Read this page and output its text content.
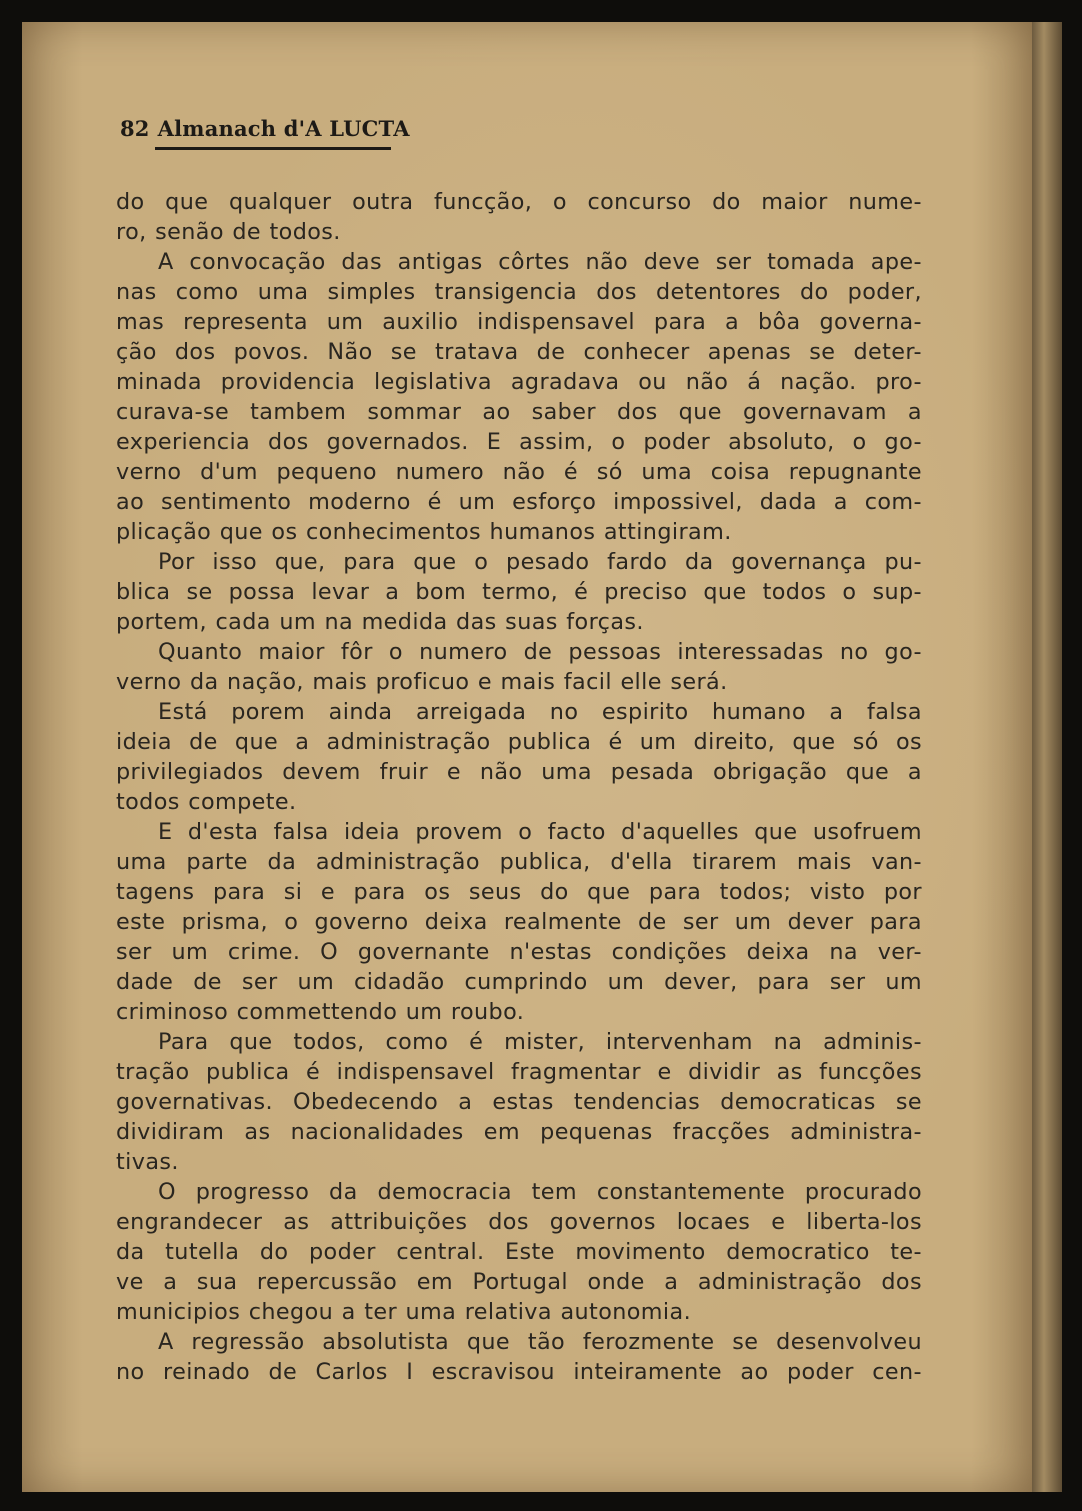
82 Almanach d'A LUCTA
do que qualquer outra funcção, o concurso do maior nume-
ro, senão de todos.
A convocação das antigas côrtes não deve ser tomada ape-
nas como uma simples transigencia dos detentores do poder,
mas representa um auxilio indispensavel para a bôa governa-
ção dos povos. Não se tratava de conhecer apenas se deter-
minada providencia legislativa agradava ou não á nação. pro-
curava-se tambem sommar ao saber dos que governavam a
experiencia dos governados. E assim, o poder absoluto, o go-
verno d'um pequeno numero não é só uma coisa repugnante
ao sentimento moderno é um esforço impossivel, dada a com-
plicação que os conhecimentos humanos attingiram.
Por isso que, para que o pesado fardo da governança pu-
blica se possa levar a bom termo, é preciso que todos o sup-
portem, cada um na medida das suas forças.
Quanto maior fôr o numero de pessoas interessadas no go-
verno da nação, mais proficuo e mais facil elle será.
Está porem ainda arreigada no espirito humano a falsa
ideia de que a administração publica é um direito, que só os
privilegiados devem fruir e não uma pesada obrigação que a
todos compete.
E d'esta falsa ideia provem o facto d'aquelles que usofruem
uma parte da administração publica, d'ella tirarem mais van-
tagens para si e para os seus do que para todos; visto por
este prisma, o governo deixa realmente de ser um dever para
ser um crime. O governante n'estas condições deixa na ver-
dade de ser um cidadão cumprindo um dever, para ser um
criminoso commettendo um roubo.
Para que todos, como é mister, intervenham na adminis-
tração publica é indispensavel fragmentar e dividir as funcções
governativas. Obedecendo a estas tendencias democraticas se
dividiram as nacionalidades em pequenas fracções administra-
tivas.
O progresso da democracia tem constantemente procurado
engrandecer as attribuições dos governos locaes e liberta-los
da tutella do poder central. Este movimento democratico te-
ve a sua repercussão em Portugal onde a administração dos
municipios chegou a ter uma relativa autonomia.
A regressão absolutista que tão ferozmente se desenvolveu
no reinado de Carlos I escravisou inteiramente ao poder cen-
